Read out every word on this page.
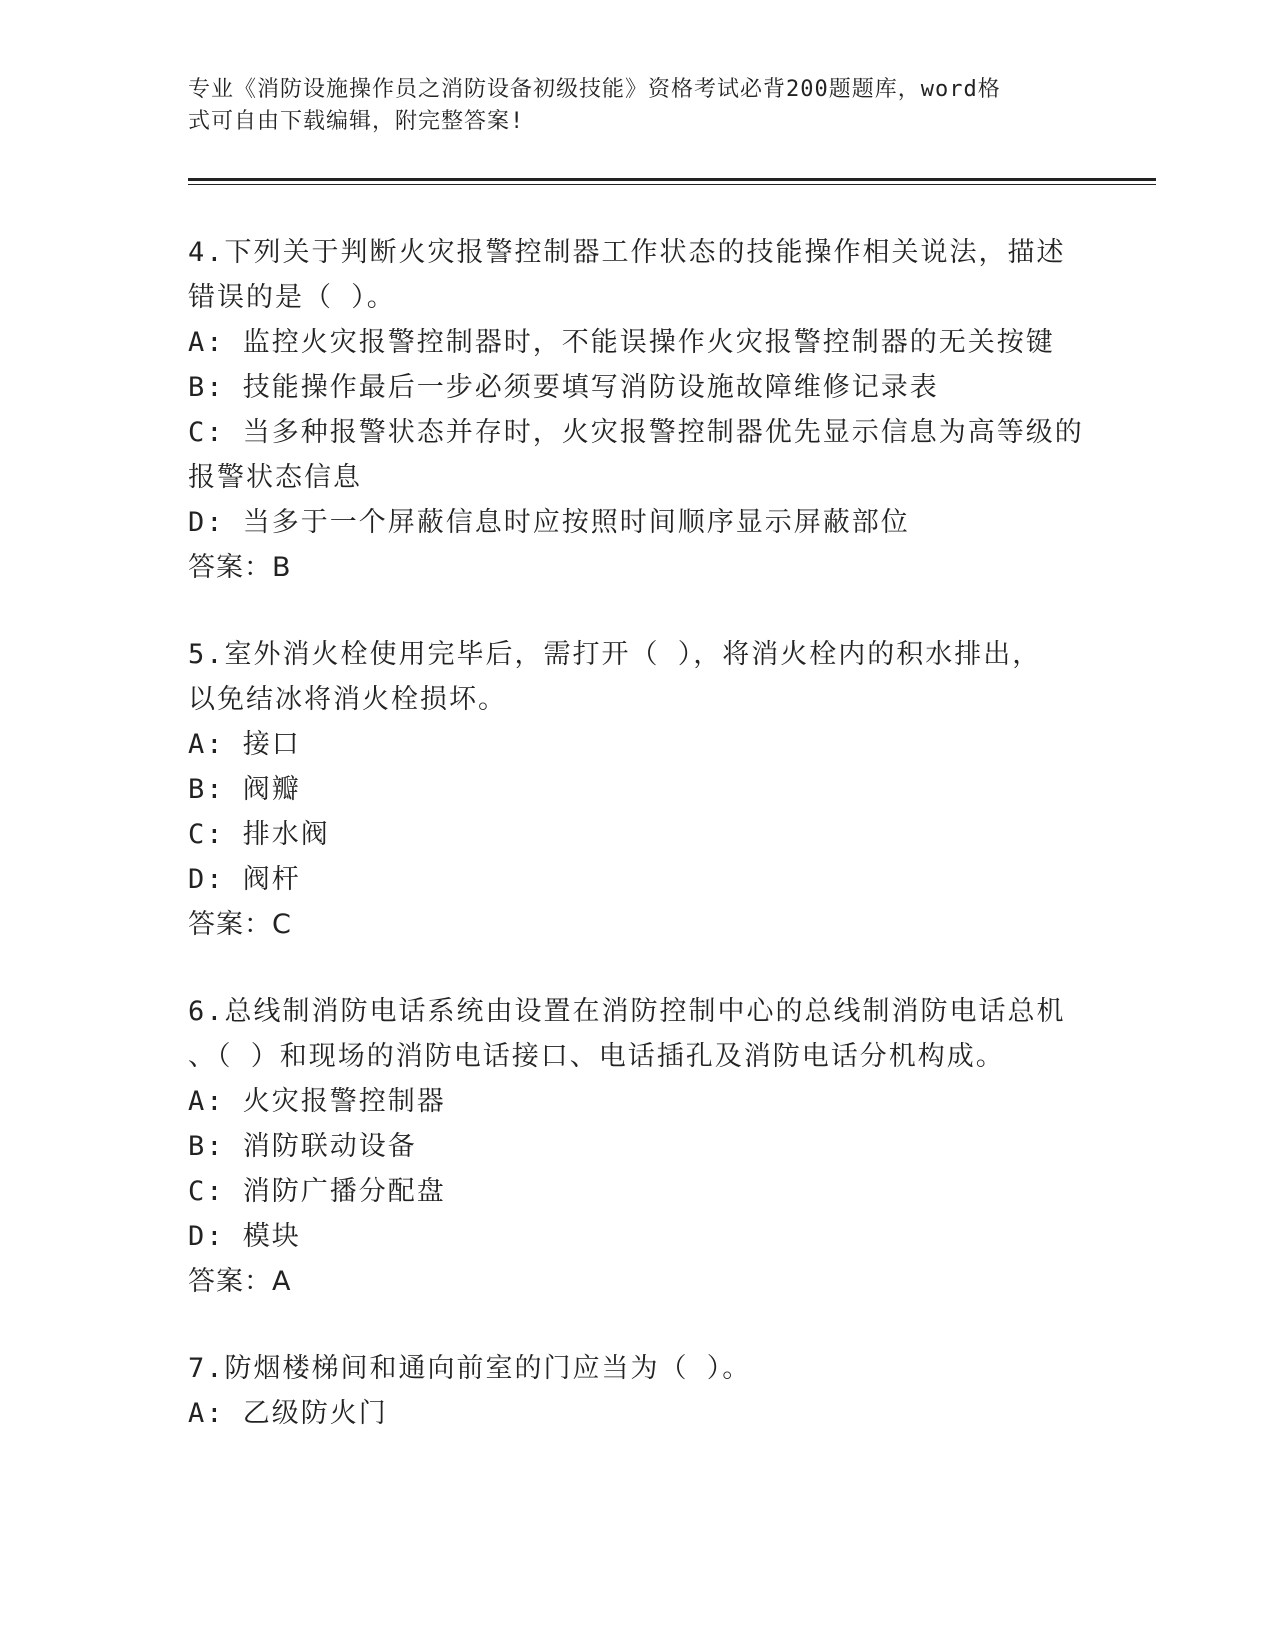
专业《消防设施操作员之消防设备初级技能》资格考试必背200题题库，word格
式可自由下载编辑，附完整答案!

4.下列关于判断火灾报警控制器工作状态的技能操作相关说法，描述

错误的是（ ）。

A: 监控火灾报警控制器时，不能误操作火灾报警控制器的无关按键

B: 技能操作最后一步必须要填写消防设施故障维修记录表

C: 当多种报警状态并存时，火灾报警控制器优先显示信息为高等级的

报警状态信息

D: 当多于一个屏蔽信息时应按照时间顺序显示屏蔽部位

答案：B

5.室外消火栓使用完毕后，需打开（ ），将消火栓内的积水排出，

以免结冰将消火栓损坏。

A: 接口

B: 阀瓣

C: 排水阀

D: 阀杆

答案：C

6.总线制消防电话系统由设置在消防控制中心的总线制消防电话总机

、（ ）和现场的消防电话接口、电话插孔及消防电话分机构成。

A: 火灾报警控制器

B: 消防联动设备

C: 消防广播分配盘

D: 模块

答案：A

7.防烟楼梯间和通向前室的门应当为（ ）。

A: 乙级防火门
